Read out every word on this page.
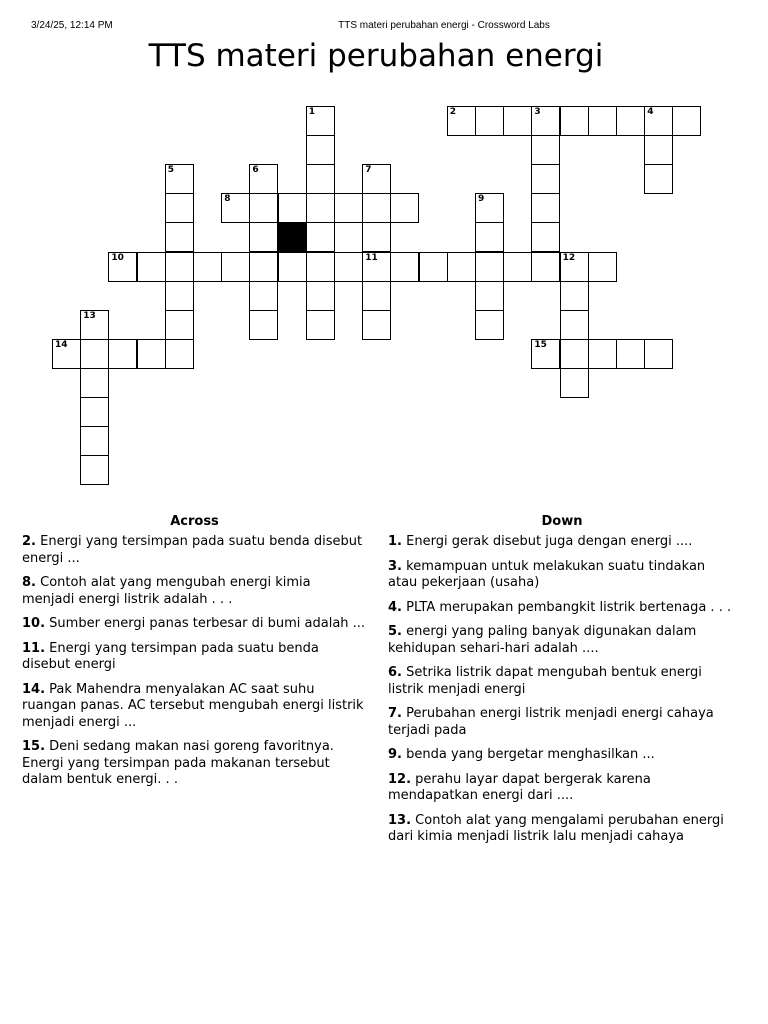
3/24/25, 12:14 PM	TTS materi perubahan energi - Crossword Labs
TTS materi perubahan energi
2	3	4
8
10	11	12
14	15
1
5	6	7
9
13
Across

2. Energi yang tersimpan pada suatu benda disebut energi ...

8. Contoh alat yang mengubah energi kimia menjadi energi listrik adalah . . .

10. Sumber energi panas terbesar di bumi adalah ...

11. Energi yang tersimpan pada suatu benda disebut energi

14. Pak Mahendra menyalakan AC saat suhu ruangan panas. AC tersebut mengubah energi listrik menjadi energi ...

15. Deni sedang makan nasi goreng favoritnya. Energi yang tersimpan pada makanan tersebut dalam bentuk energi. . .

Down

1. Energi gerak disebut juga dengan energi ....

3. kemampuan untuk melakukan suatu tindakan atau pekerjaan (usaha)

4. PLTA merupakan pembangkit listrik bertenaga . . .

5. energi yang paling banyak digunakan dalam kehidupan sehari-hari adalah ....

6. Setrika listrik dapat mengubah bentuk energi listrik menjadi energi

7. Perubahan energi listrik menjadi energi cahaya terjadi pada

9. benda yang bergetar menghasilkan ...

12. perahu layar dapat bergerak karena mendapatkan energi dari ....

13. Contoh alat yang mengalami perubahan energi dari kimia menjadi listrik lalu menjadi cahaya
